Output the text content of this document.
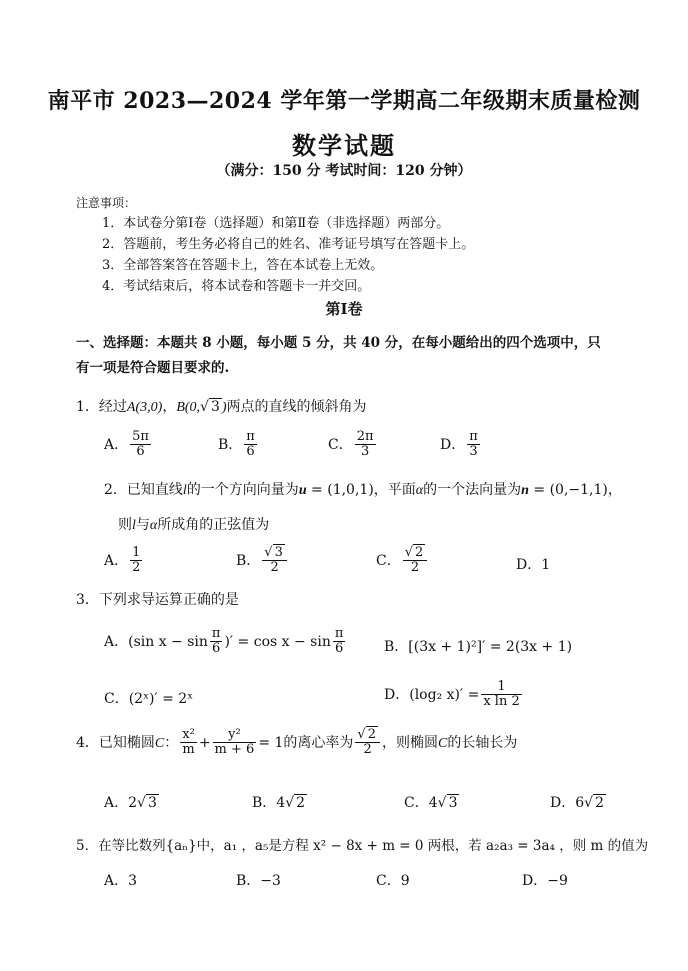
南平市 2023—2024 学年第一学期高二年级期末质量检测
数学试题
（满分：150 分 考试时间：120 分钟）
注意事项：
1．本试卷分第Ⅰ卷（选择题）和第Ⅱ卷（非选择题）两部分。
2．答题前，考生务必将自己的姓名、准考证号填写在答题卡上。
3．全部答案答在答题卡上，答在本试卷上无效。
4．考试结束后，将本试卷和答题卡一并交回。
第Ⅰ卷
一、选择题：本题共 8 小题，每小题 5 分，共 40 分，在每小题给出的四个选项中，只
有一项是符合题目要求的.
1．经过A(3,0)，B(0,√ 3 )两点的直线的倾斜角为
A． $\frac{5\pi}{6}$	B． $\frac{\pi}{6}$	C． $\frac{2\pi}{3}$	D． $\frac{\pi}{3}$
2．已知直线l的一个方向向量为u = (1,0,1)，平面α的一个法向量为n = (0,−1,1)，
则l与α所成角的正弦值为
A． $\frac{1}{2}$	B． $\frac{√ 3}{2}$	C． $\frac{√ 2}{2}$	D．1
3．下列求导运算正确的是
A．(sin $x - \sin \frac{\pi}{6}$ )′ = $\cos x - \sin \frac{\pi}{6}$	B．[(3x + 1)²]′ = 2(3x + 1)
C．(2ˣ)′ = 2ˣ	D．(log₂ $x)' = \frac{1}{\text{x ln 2}}$
4．已知椭圆C： $\frac{\text{x²}}{m} + \frac{\text{y²}}{m + 6} = 1$的离心率为 $\frac{√ 2}{2}$ ，则椭圆C的长轴长为
A．2√ 3	B．4√ 2	C．4√ 3	D．6√ 2
5．在等比数列{aₙ}中，a₁ ，a₅是方程 x² − 8x + m = 0 两根，若 a₂a₃ = 3a₄ ，则 m 的值为
A．3	B．−3	C．9	D．−9
